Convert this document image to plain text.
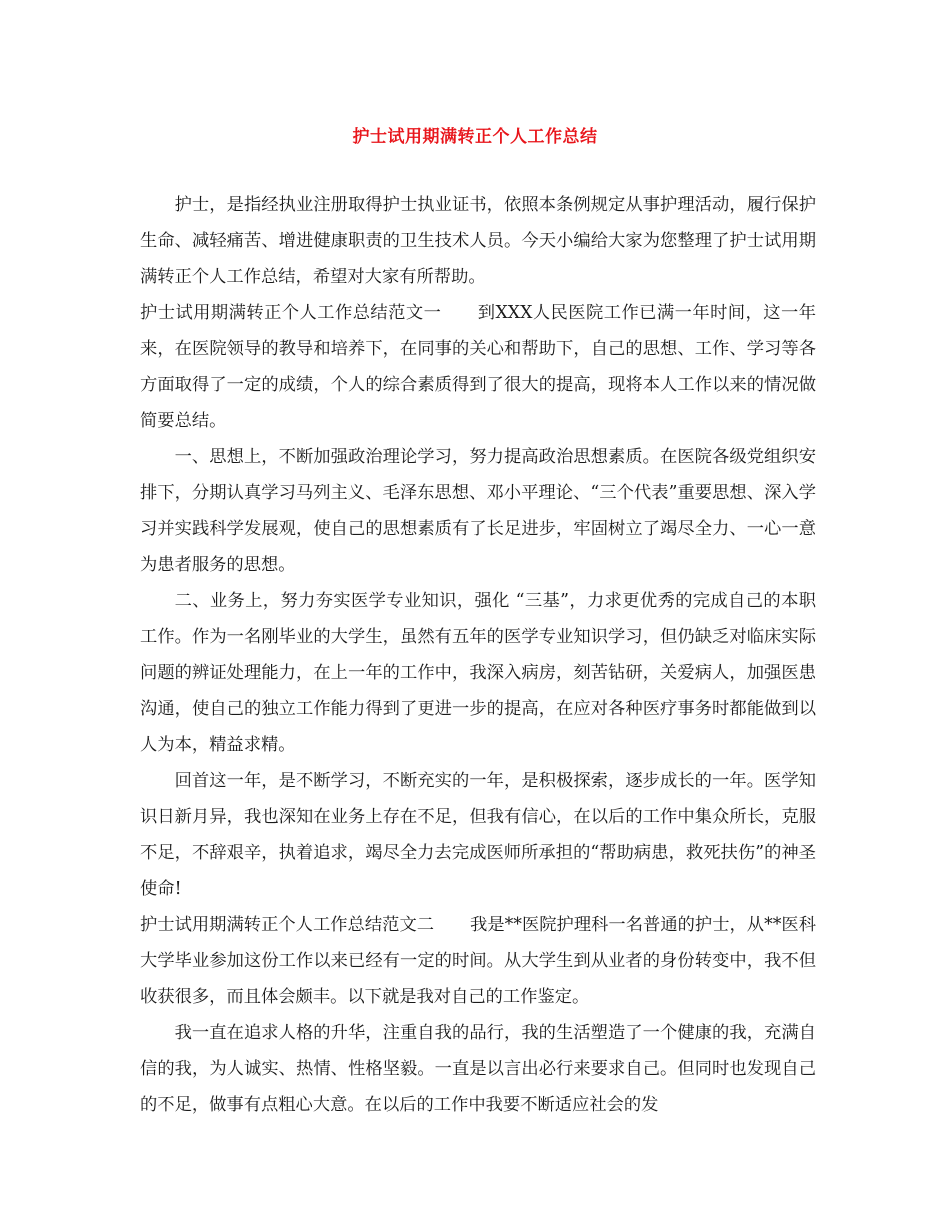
护士试用期满转正个人工作总结

护士，是指经执业注册取得护士执业证书，依照本条例规定从事护理活动，履行保护生命、减轻痛苦、增进健康职责的卫生技术人员。今天小编给大家为您整理了护士试用期满转正个人工作总结，希望对大家有所帮助。

护士试用期满转正个人工作总结范文一 到XXX人民医院工作已满一年时间，这一年来，在医院领导的教导和培养下，在同事的关心和帮助下，自己的思想、工作、学习等各方面取得了一定的成绩，个人的综合素质得到了很大的提高，现将本人工作以来的情况做简要总结。

一、思想上，不断加强政治理论学习，努力提高政治思想素质。在医院各级党组织安排下，分期认真学习马列主义、毛泽东思想、邓小平理论、“三个代表”重要思想、深入学习并实践科学发展观，使自己的思想素质有了长足进步，牢固树立了竭尽全力、一心一意为患者服务的思想。

二、业务上，努力夯实医学专业知识，强化 “三基”，力求更优秀的完成自己的本职工作。作为一名刚毕业的大学生，虽然有五年的医学专业知识学习，但仍缺乏对临床实际问题的辨证处理能力，在上一年的工作中，我深入病房，刻苦钻研，关爱病人，加强医患沟通，使自己的独立工作能力得到了更进一步的提高，在应对各种医疗事务时都能做到以人为本，精益求精。

回首这一年，是不断学习，不断充实的一年，是积极探索，逐步成长的一年。医学知识日新月异，我也深知在业务上存在不足，但我有信心，在以后的工作中集众所长，克服不足，不辞艰辛，执着追求，竭尽全力去完成医师所承担的“帮助病患，救死扶伤”的神圣使命!

护士试用期满转正个人工作总结范文二 我是**医院护理科一名普通的护士，从**医科大学毕业参加这份工作以来已经有一定的时间。从大学生到从业者的身份转变中，我不但收获很多，而且体会颇丰。以下就是我对自己的工作鉴定。

我一直在追求人格的升华，注重自我的品行，我的生活塑造了一个健康的我，充满自信的我，为人诚实、热情、性格坚毅。一直是以言出必行来要求自己。但同时也发现自己的不足，做事有点粗心大意。在以后的工作中我要不断适应社会的发
